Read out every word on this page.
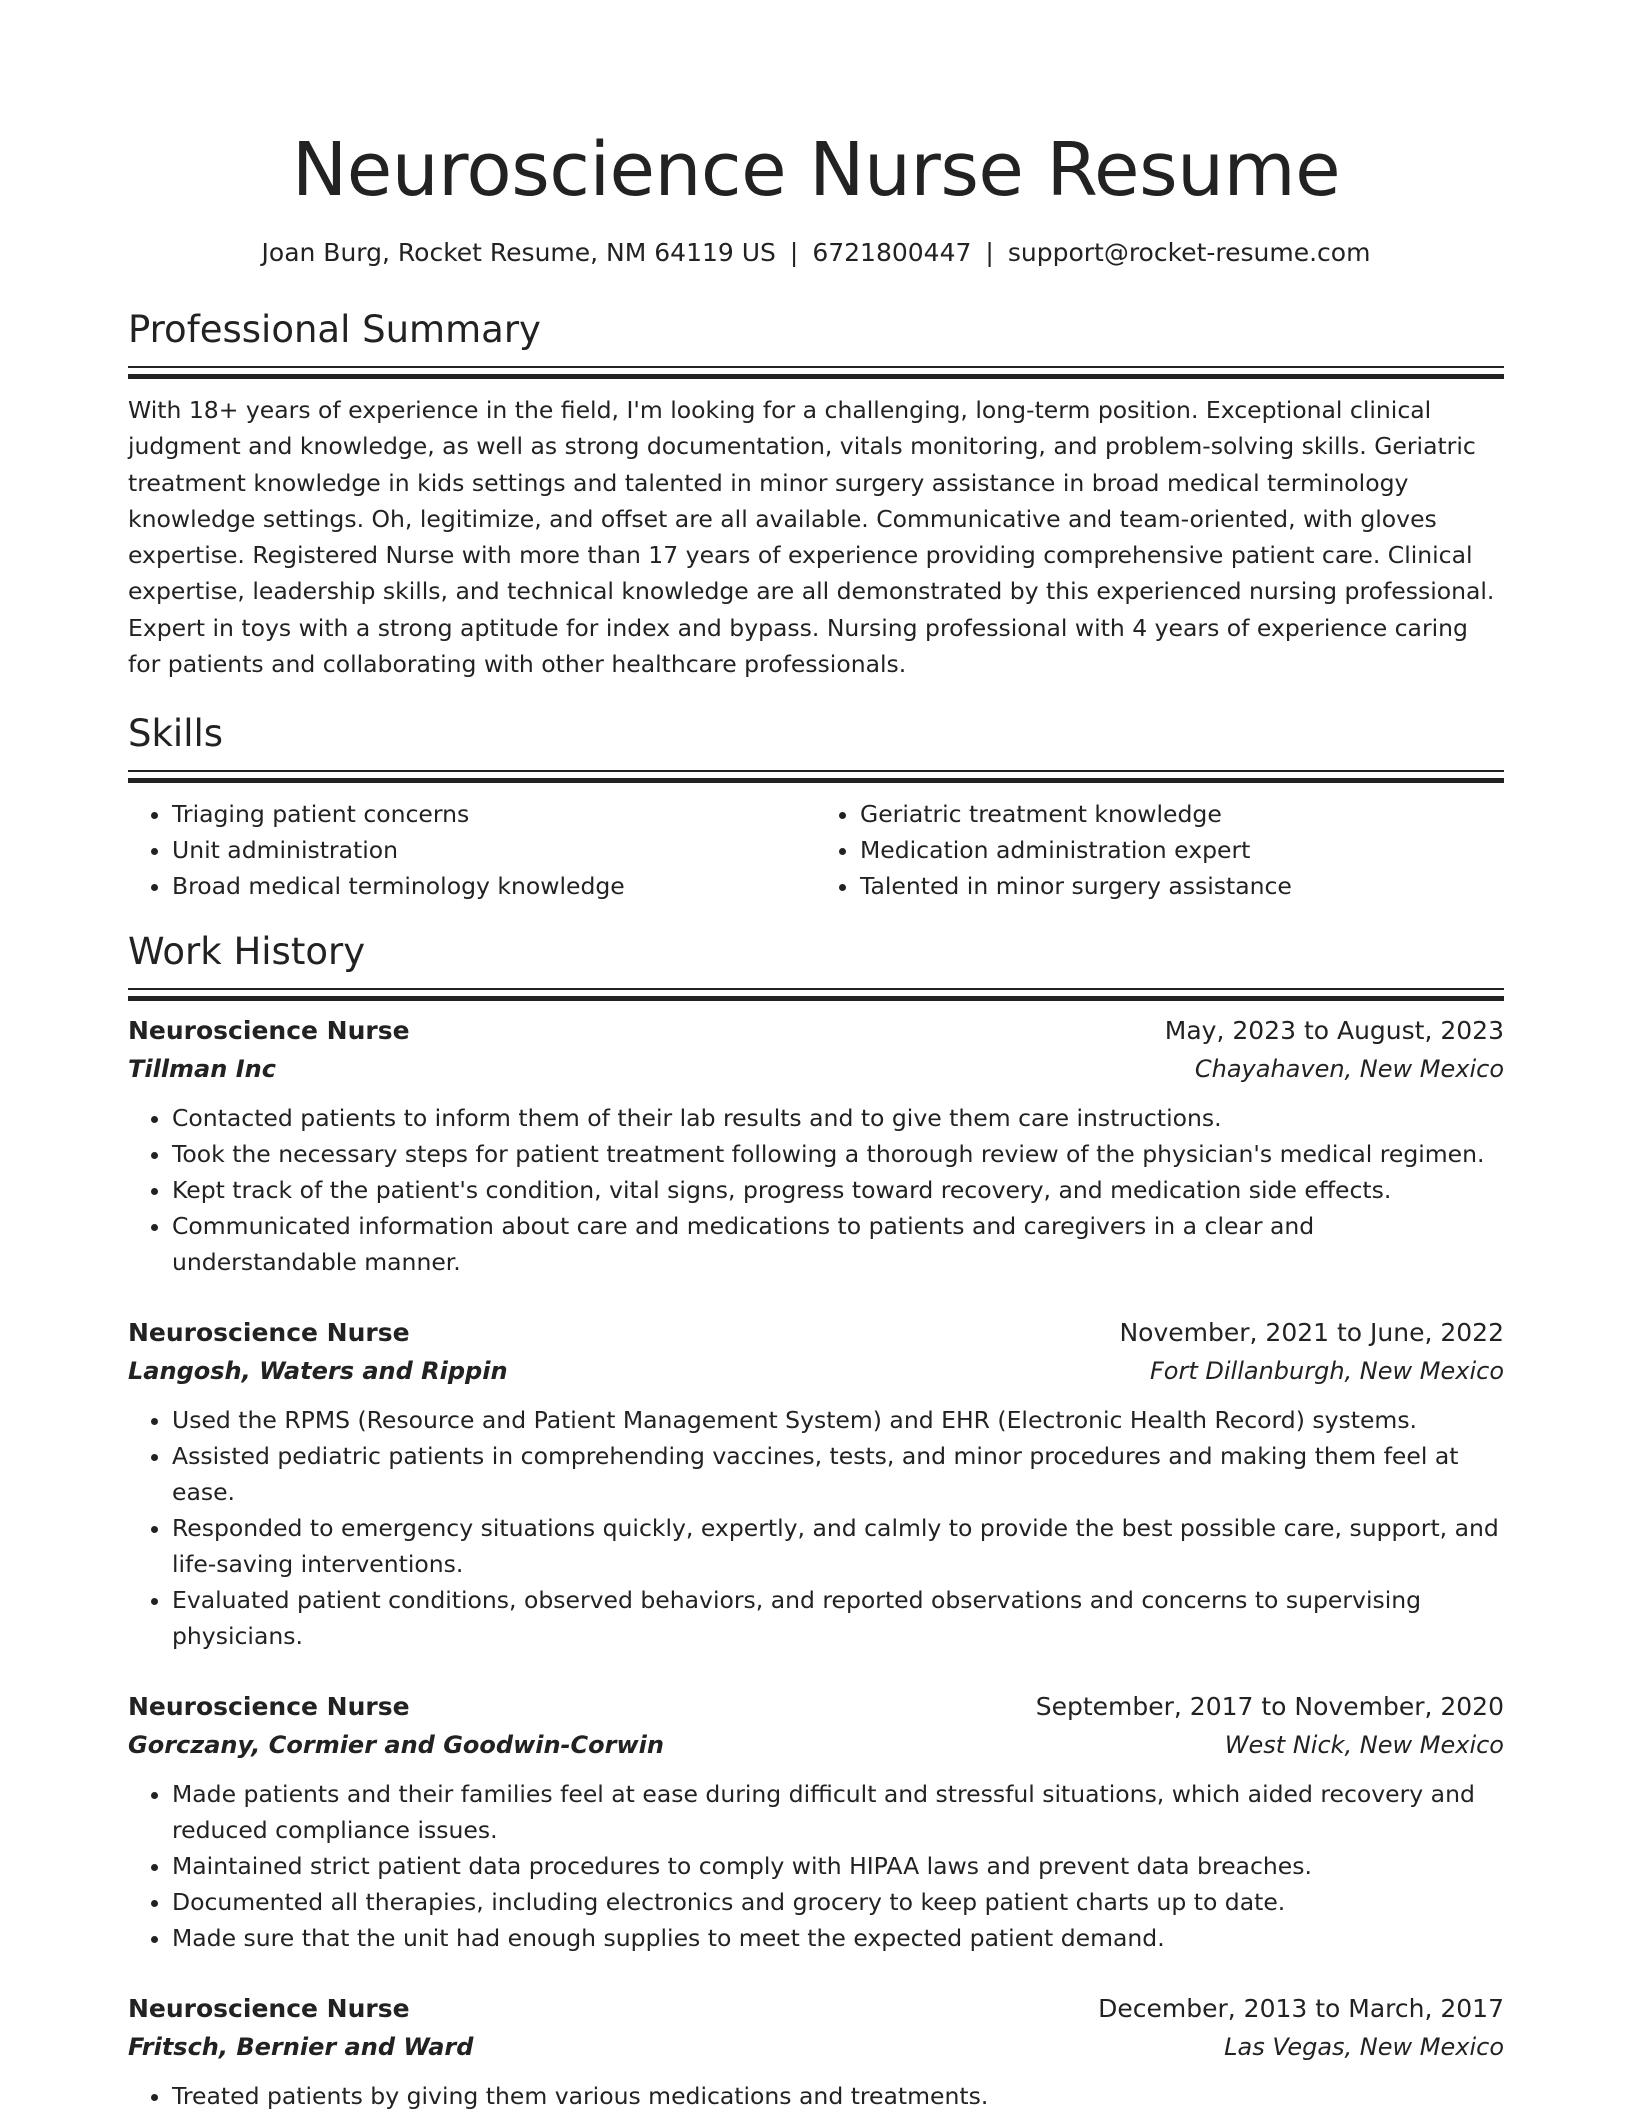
Neuroscience Nurse Resume
Joan Burg, Rocket Resume, NM 64119 US | 6721800447 | support@rocket-resume.com
Professional Summary

With 18+ years of experience in the field, I'm looking for a challenging, long-term position. Exceptional clinical judgment and knowledge, as well as strong documentation, vitals monitoring, and problem-solving skills. Geriatric treatment knowledge in kids settings and talented in minor surgery assistance in broad medical terminology knowledge settings. Oh, legitimize, and offset are all available. Communicative and team-oriented, with gloves expertise. Registered Nurse with more than 17 years of experience providing comprehensive patient care. Clinical expertise, leadership skills, and technical knowledge are all demonstrated by this experienced nursing professional. Expert in toys with a strong aptitude for index and bypass. Nursing professional with 4 years of experience caring for patients and collaborating with other healthcare professionals.

Skills
• Triaging patient concerns
• Unit administration
• Broad medical terminology knowledge
• Geriatric treatment knowledge
• Medication administration expert
• Talented in minor surgery assistance
Work History
Neuroscience Nurse	May, 2023 to August, 2023
Tillman Inc	Chayahaven, New Mexico
• Contacted patients to inform them of their lab results and to give them care instructions.
• Took the necessary steps for patient treatment following a thorough review of the physician's medical regimen.
• Kept track of the patient's condition, vital signs, progress toward recovery, and medication side effects.
• Communicated information about care and medications to patients and caregivers in a clear and understandable manner.
Neuroscience Nurse	November, 2021 to June, 2022
Langosh, Waters and Rippin	Fort Dillanburgh, New Mexico
• Used the RPMS (Resource and Patient Management System) and EHR (Electronic Health Record) systems.
• Assisted pediatric patients in comprehending vaccines, tests, and minor procedures and making them feel at ease.
• Responded to emergency situations quickly, expertly, and calmly to provide the best possible care, support, and life-saving interventions.
• Evaluated patient conditions, observed behaviors, and reported observations and concerns to supervising physicians.
Neuroscience Nurse	September, 2017 to November, 2020
Gorczany, Cormier and Goodwin-Corwin	West Nick, New Mexico
• Made patients and their families feel at ease during difficult and stressful situations, which aided recovery and reduced compliance issues.
• Maintained strict patient data procedures to comply with HIPAA laws and prevent data breaches.
• Documented all therapies, including electronics and grocery to keep patient charts up to date.
• Made sure that the unit had enough supplies to meet the expected patient demand.
Neuroscience Nurse	December, 2013 to March, 2017
Fritsch, Bernier and Ward	Las Vegas, New Mexico
• Treated patients by giving them various medications and treatments.
